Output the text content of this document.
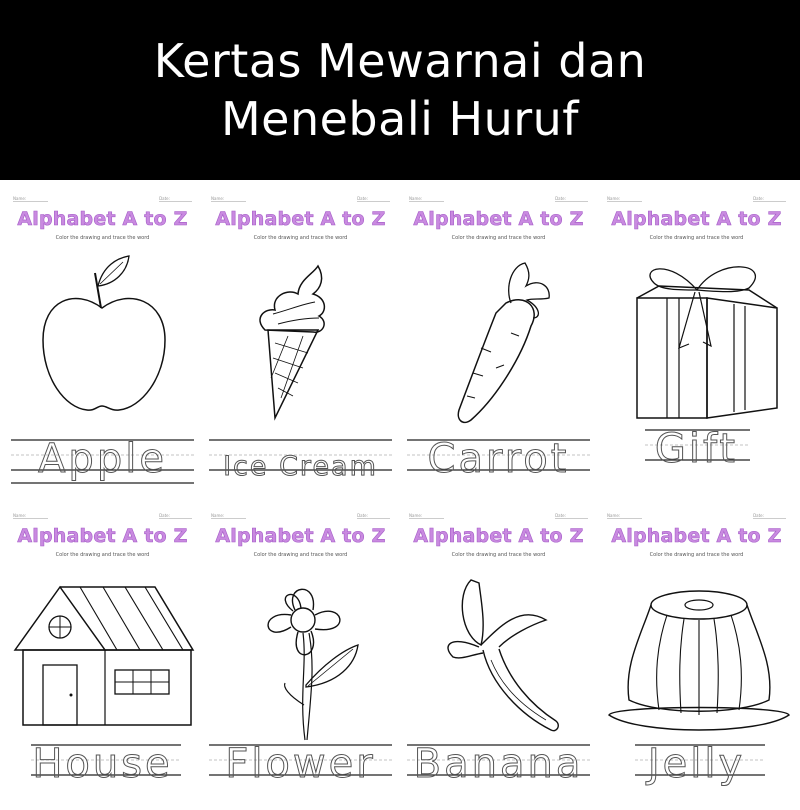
Kertas Mewarnai dan
Menebali Huruf
Name:	Date:
Alphabet A to Z
Color the drawing and trace the word
Apple
Name:	Date:
Alphabet A to Z
Color the drawing and trace the word
Ice Cream
Name:	Date:
Alphabet A to Z
Color the drawing and trace the word
Carrot
Name:	Date:
Alphabet A to Z
Color the drawing and trace the word
Gift
Name:	Date:
Alphabet A to Z
Color the drawing and trace the word
House
Name:	Date:
Alphabet A to Z
Color the drawing and trace the word
Flower
Name:	Date:
Alphabet A to Z
Color the drawing and trace the word
Banana
Name:	Date:
Alphabet A to Z
Color the drawing and trace the word
Jelly
